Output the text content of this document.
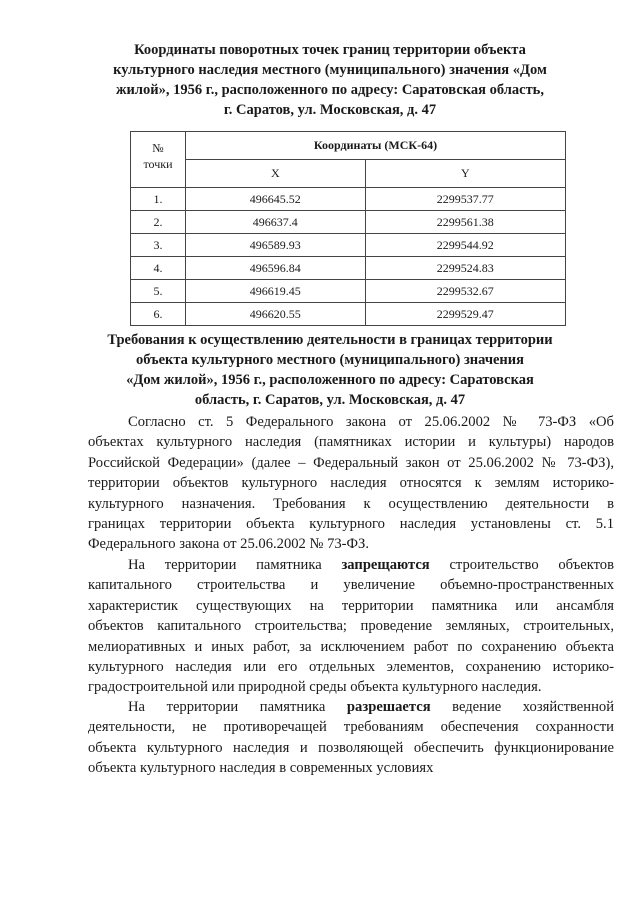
Координаты поворотных точек границ территории объекта
культурного наследия местного (муниципального) значения «Дом
жилой», 1956 г., расположенного по адресу: Саратовская область,
г. Саратов, ул. Московская, д. 47
№
точки	Координаты (МСК-64)	
	X	Y
1.	496645.52	2299537.77
2.	496637.4	2299561.38
3.	496589.93	2299544.92
4.	496596.84	2299524.83
5.	496619.45	2299532.67
6.	496620.55	2299529.47
Требования к осуществлению деятельности в границах территории
объекта культурного местного (муниципального) значения
«Дом жилой», 1956 г., расположенного по адресу: Саратовская
область, г. Саратов, ул. Московская, д. 47
Согласно ст. 5 Федерального закона от 25.06.2002 № 73-ФЗ «Об
объектах культурного наследия (памятниках истории и культуры) народов
Российской Федерации» (далее – Федеральный закон от 25.06.2002 № 73-ФЗ),
территории объектов культурного наследия относятся к землям историко-
культурного назначения. Требования к осуществлению деятельности в
границах территории объекта культурного наследия установлены ст. 5.1
Федерального закона от 25.06.2002 № 73-ФЗ.
На территории памятника запрещаются строительство объектов
капитального строительства и увеличение объемно-пространственных
характеристик существующих на территории памятника или ансамбля
объектов капитального строительства; проведение земляных, строительных,
мелиоративных и иных работ, за исключением работ по сохранению объекта
культурного наследия или его отдельных элементов, сохранению историко-
градостроительной или природной среды объекта культурного наследия.
На территории памятника разрешается ведение хозяйственной
деятельности, не противоречащей требованиям обеспечения сохранности
объекта культурного наследия и позволяющей обеспечить функционирование
объекта культурного наследия в современных условиях
